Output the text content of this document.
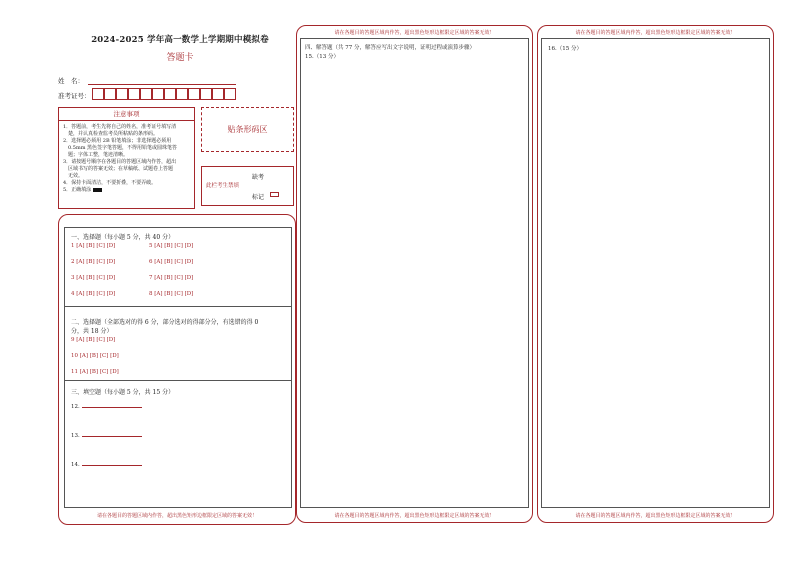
2024-2025 学年高一数学上学期期中模拟卷
答题卡
姓　名：
准考证号：
注意事项
1．答题前，考生先将自己的姓名，准考证号填写清
　楚，并认真检查监考员所粘贴的条形码。
2．选择题必须用 2B 铅笔填涂；非选择题必须用
　0.5mm 黑色签字笔答题，不得用铅笔或圆珠笔答
　题；字体工整，笔迹清晰。
3．请按题号顺序在各题目的答题区域内作答，超出
　区域书写的答案无效；在草稿纸、试题卷上答题
　无效。
4．保持卡面清洁，不要折叠，不要弄破。
5．正确填涂
贴条形码区
此栏考生禁填
缺考
标记
一、选择题（每小题 5 分，共 40 分）
1 [A] [B] [C] [D]	5 [A] [B] [C] [D]
2 [A] [B] [C] [D]	6 [A] [B] [C] [D]
3 [A] [B] [C] [D]	7 [A] [B] [C] [D]
4 [A] [B] [C] [D]	8 [A] [B] [C] [D]
二、选择题（全部选对的得 6 分，部分选对的得部分分，有选错的得 0
分，共 18 分）
9 [A] [B] [C] [D]
10 [A] [B] [C] [D]
11 [A] [B] [C] [D]
三、填空题（每小题 5 分，共 15 分）
12.
13.
14.
请在各题目的答题区域内作答，超出黑色矩形边框限定区域的答案无效！
请在各题目的答题区域内作答，超出黑色矩形边框限定区域的答案无效！
四、解答题（共 77 分，解答应写出文字说明，证明过程或演算步骤）
15.（13 分）
请在各题目的答题区域内作答，超出黑色矩形边框限定区域的答案无效！
请在各题目的答题区域内作答，超出黑色矩形边框限定区域的答案无效！
16.（15 分）
请在各题目的答题区域内作答，超出黑色矩形边框限定区域的答案无效！
